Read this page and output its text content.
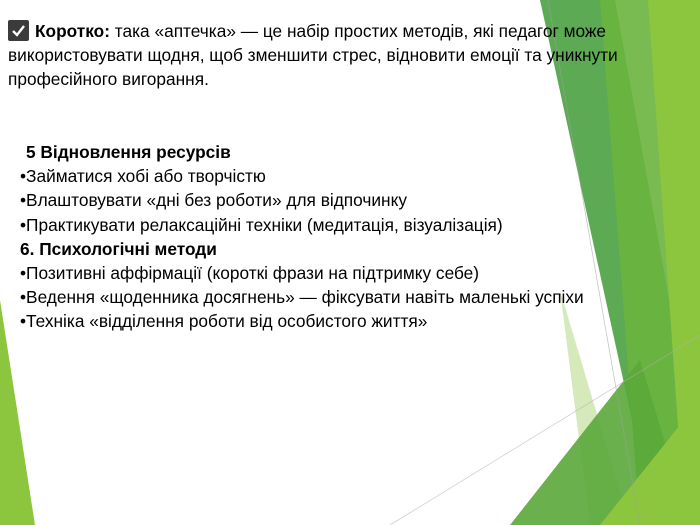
Коротко: така «аптечка» — це набір простих методів, які педагог може використовувати щодня, щоб зменшити стрес, відновити емоції та уникнути професійного вигорання.
5 Відновлення ресурсів
•Займатися хобі або творчістю
•Влаштовувати «дні без роботи» для відпочинку
•Практикувати релаксаційні техніки (медитація, візуалізація)
6. Психологічні методи
•Позитивні аффірмації (короткі фрази на підтримку себе)
•Ведення «щоденника досягнень» — фіксувати навіть маленькі успіхи
•Техніка «відділення роботи від особистого життя»
